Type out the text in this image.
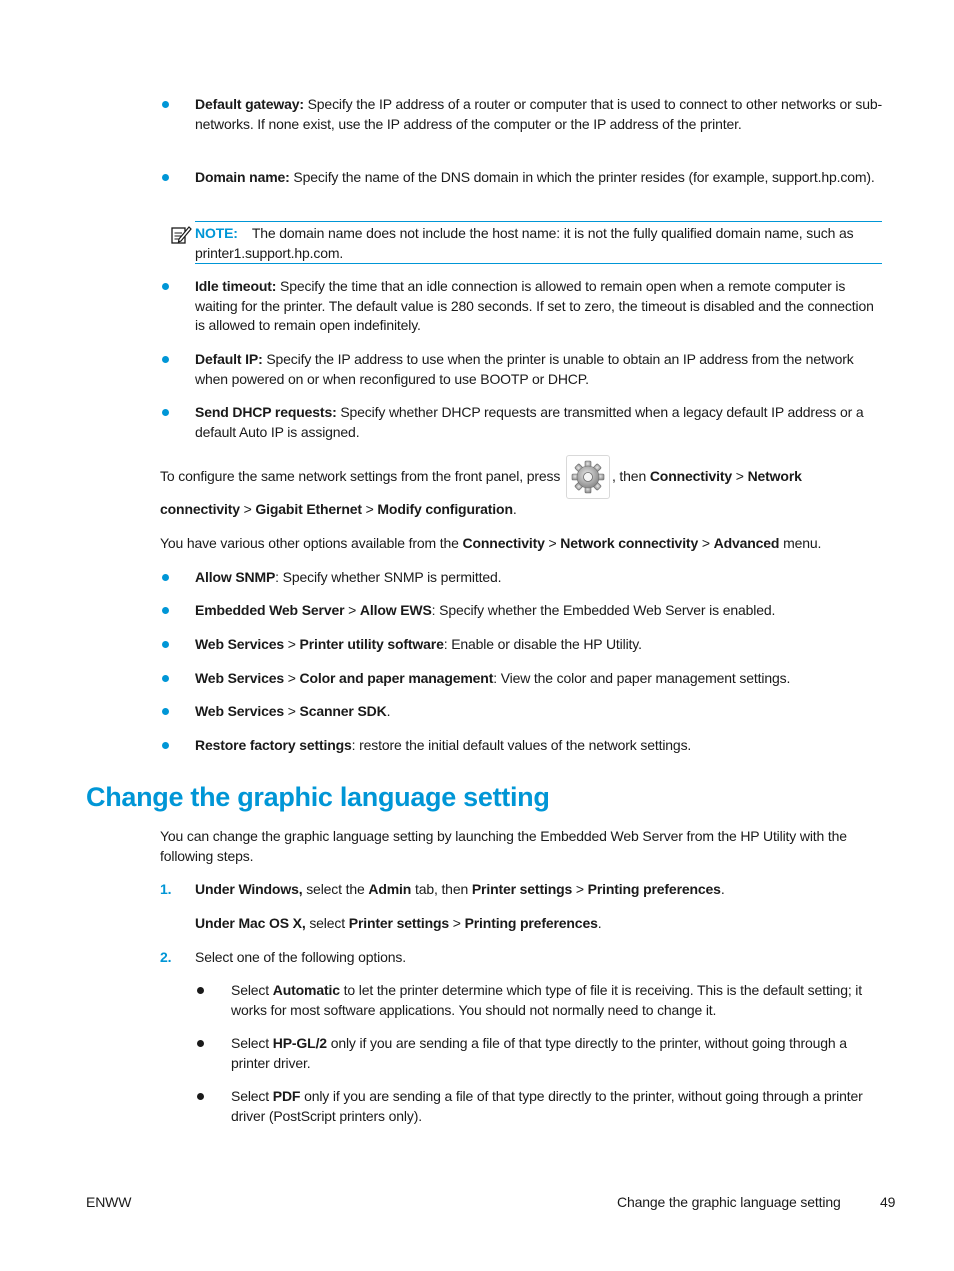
Default gateway: Specify the IP address of a router or computer that is used to connect to other networks or sub-networks. If none exist, use the IP address of the computer or the IP address of the printer.
Domain name: Specify the name of the DNS domain in which the printer resides (for example, support.hp.com).
NOTE: The domain name does not include the host name: it is not the fully qualified domain name, such as printer1.support.hp.com.
Idle timeout: Specify the time that an idle connection is allowed to remain open when a remote computer is waiting for the printer. The default value is 280 seconds. If set to zero, the timeout is disabled and the connection is allowed to remain open indefinitely.
Default IP: Specify the IP address to use when the printer is unable to obtain an IP address from the network when powered on or when reconfigured to use BOOTP or DHCP.
Send DHCP requests: Specify whether DHCP requests are transmitted when a legacy default IP address or a default Auto IP is assigned.
To configure the same network settings from the front panel, press	, then Connectivity > Network
connectivity > Gigabit Ethernet > Modify configuration.
You have various other options available from the Connectivity > Network connectivity > Advanced menu.
Allow SNMP: Specify whether SNMP is permitted.
Embedded Web Server > Allow EWS: Specify whether the Embedded Web Server is enabled.
Web Services > Printer utility software: Enable or disable the HP Utility.
Web Services > Color and paper management: View the color and paper management settings.
Web Services > Scanner SDK.
Restore factory settings: restore the initial default values of the network settings.
Change the graphic language setting
You can change the graphic language setting by launching the Embedded Web Server from the HP Utility with the following steps.
1. Under Windows, select the Admin tab, then Printer settings > Printing preferences.
Under Mac OS X, select Printer settings > Printing preferences.
2. Select one of the following options.
Select Automatic to let the printer determine which type of file it is receiving. This is the default setting; it works for most software applications. You should not normally need to change it.
Select HP-GL/2 only if you are sending a file of that type directly to the printer, without going through a printer driver.
Select PDF only if you are sending a file of that type directly to the printer, without going through a printer driver (PostScript printers only).
ENWW	Change the graphic language setting	49
